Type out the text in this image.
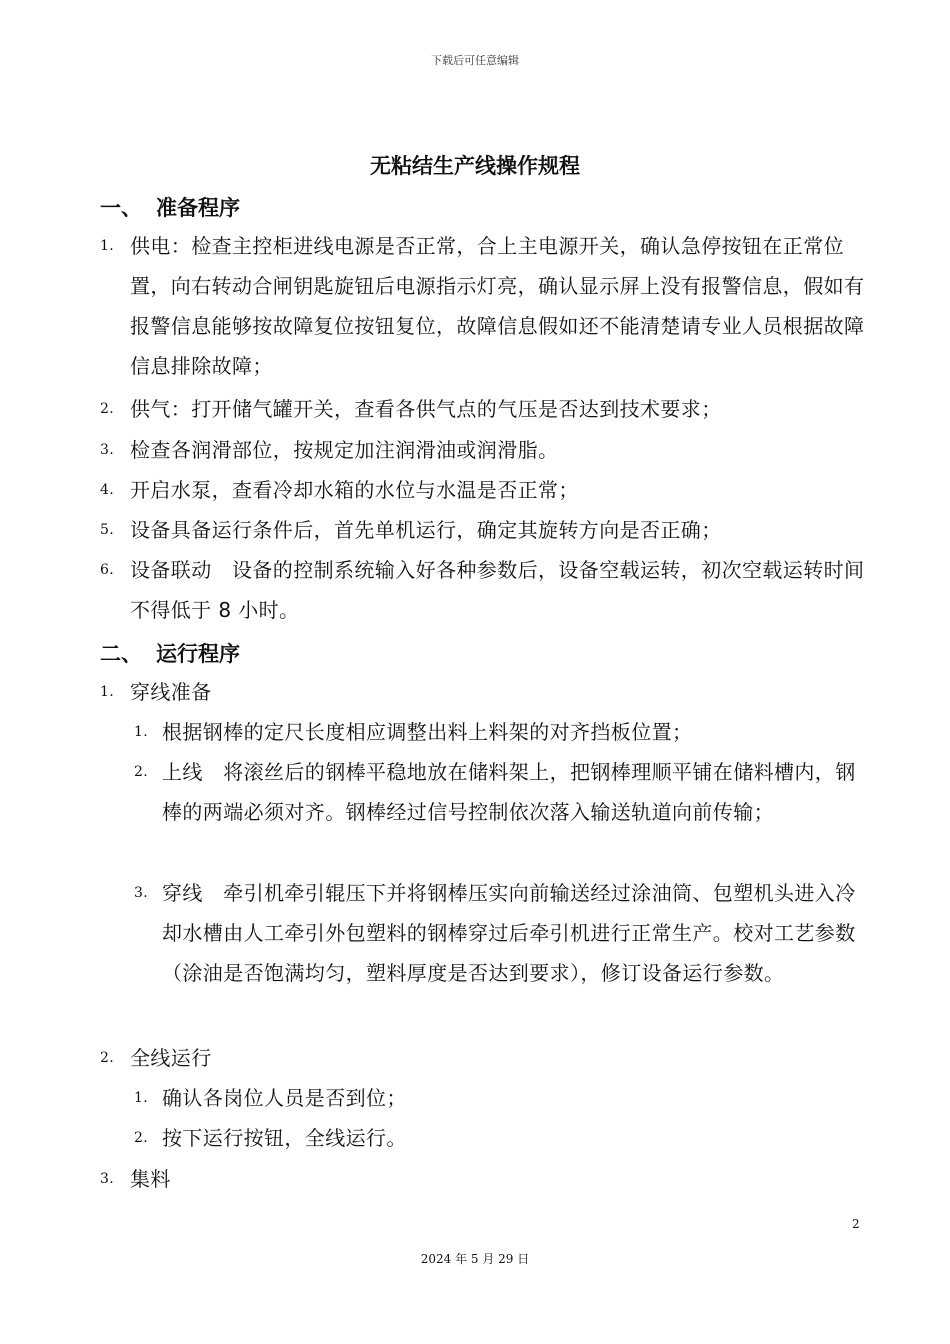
下载后可任意编辑
无粘结生产线操作规程
一、 准备程序
1. 供电：检查主控柜进线电源是否正常，合上主电源开关，确认急停按钮在正常位置，向右转动合闸钥匙旋钮后电源指示灯亮，确认显示屏上没有报警信息，假如有报警信息能够按故障复位按钮复位，故障信息假如还不能清楚请专业人员根据故障信息排除故障；
2. 供气：打开储气罐开关，查看各供气点的气压是否达到技术要求；
3. 检查各润滑部位，按规定加注润滑油或润滑脂。
4. 开启水泵，查看冷却水箱的水位与水温是否正常；
5. 设备具备运行条件后，首先单机运行，确定其旋转方向是否正确；
6. 设备联动　设备的控制系统输入好各种参数后，设备空载运转，初次空载运转时间不得低于 8 小时。
二、 运行程序
1. 穿线准备
1. 根据钢棒的定尺长度相应调整出料上料架的对齐挡板位置；
2. 上线　将滚丝后的钢棒平稳地放在储料架上，把钢棒理顺平铺在储料槽内，钢棒的两端必须对齐。钢棒经过信号控制依次落入输送轨道向前传输；
3. 穿线　牵引机牵引辊压下并将钢棒压实向前输送经过涂油筒、包塑机头进入冷却水槽由人工牵引外包塑料的钢棒穿过后牵引机进行正常生产。校对工艺参数（涂油是否饱满均匀，塑料厚度是否达到要求），修订设备运行参数。
2. 全线运行
1. 确认各岗位人员是否到位；
2. 按下运行按钮，全线运行。
3. 集料
2
2024 年 5 月 29 日
